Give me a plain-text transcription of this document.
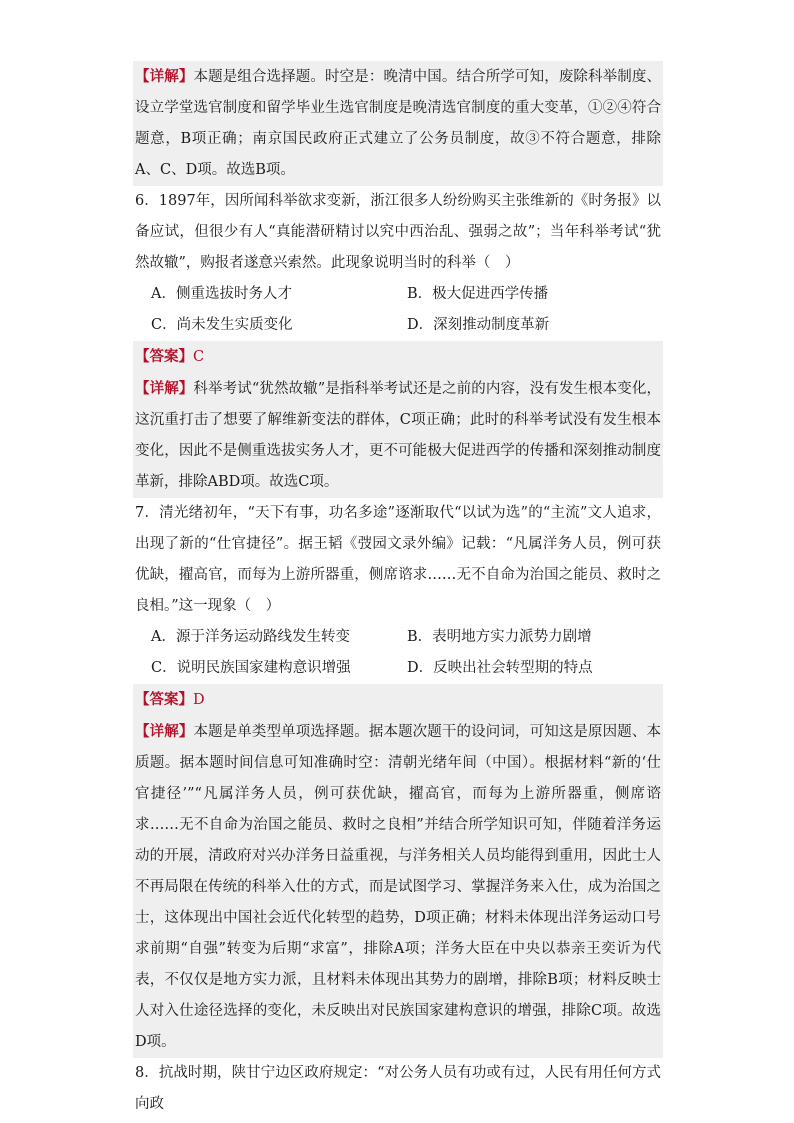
【详解】本题是组合选择题。时空是：晚清中国。结合所学可知，废除科举制度、设立学堂选官制度和留学毕业生选官制度是晚清选官制度的重大变革，①②④符合题意，B项正确；南京国民政府正式建立了公务员制度，故③不符合题意，排除A、C、D项。故选B项。

6．1897年，因所闻科举欲求变新，浙江很多人纷纷购买主张维新的《时务报》以备应试，但很少有人“真能潜研精讨以究中西治乱、强弱之故”；当年科举考试“犹然故辙”，购报者遂意兴索然。此现象说明当时的科举（　）

A．侧重选拔时务人才	B．极大促进西学传播
C．尚未发生实质变化	D．深刻推动制度革新

【答案】C

【详解】科举考试“犹然故辙”是指科举考试还是之前的内容，没有发生根本变化，这沉重打击了想要了解维新变法的群体，C项正确；此时的科举考试没有发生根本变化，因此不是侧重选拔实务人才，更不可能极大促进西学的传播和深刻推动制度革新，排除ABD项。故选C项。

7．清光绪初年，“天下有事，功名多途”逐渐取代“以试为选”的“主流”文人追求，出现了新的“仕官捷径”。据王韬《弢园文录外编》记载：“凡属洋务人员，例可获优缺，擢高官，而每为上游所器重，侧席谘求……无不自命为治国之能员、救时之良相。”这一现象（　）

A．源于洋务运动路线发生转变	B．表明地方实力派势力剧增
C．说明民族国家建构意识增强	D．反映出社会转型期的特点

【答案】D

【详解】本题是单类型单项选择题。据本题次题干的设问词，可知这是原因题、本质题。据本题时间信息可知准确时空：清朝光绪年间（中国）。根据材料“新的‘仕官捷径’”“凡属洋务人员，例可获优缺，擢高官，而每为上游所器重，侧席谘求……无不自命为治国之能员、救时之良相”并结合所学知识可知，伴随着洋务运动的开展，清政府对兴办洋务日益重视，与洋务相关人员均能得到重用，因此士人不再局限在传统的科举入仕的方式，而是试图学习、掌握洋务来入仕，成为治国之士，这体现出中国社会近代化转型的趋势，D项正确；材料未体现出洋务运动口号求前期“自强”转变为后期“求富”，排除A项；洋务大臣在中央以恭亲王奕䜣为代表，不仅仅是地方实力派，且材料未体现出其势力的剧增，排除B项；材料反映士人对入仕途径选择的变化，未反映出对民族国家建构意识的增强，排除C项。故选D项。

8．抗战时期，陕甘宁边区政府规定：“对公务人员有功或有过，人民有用任何方式向政
